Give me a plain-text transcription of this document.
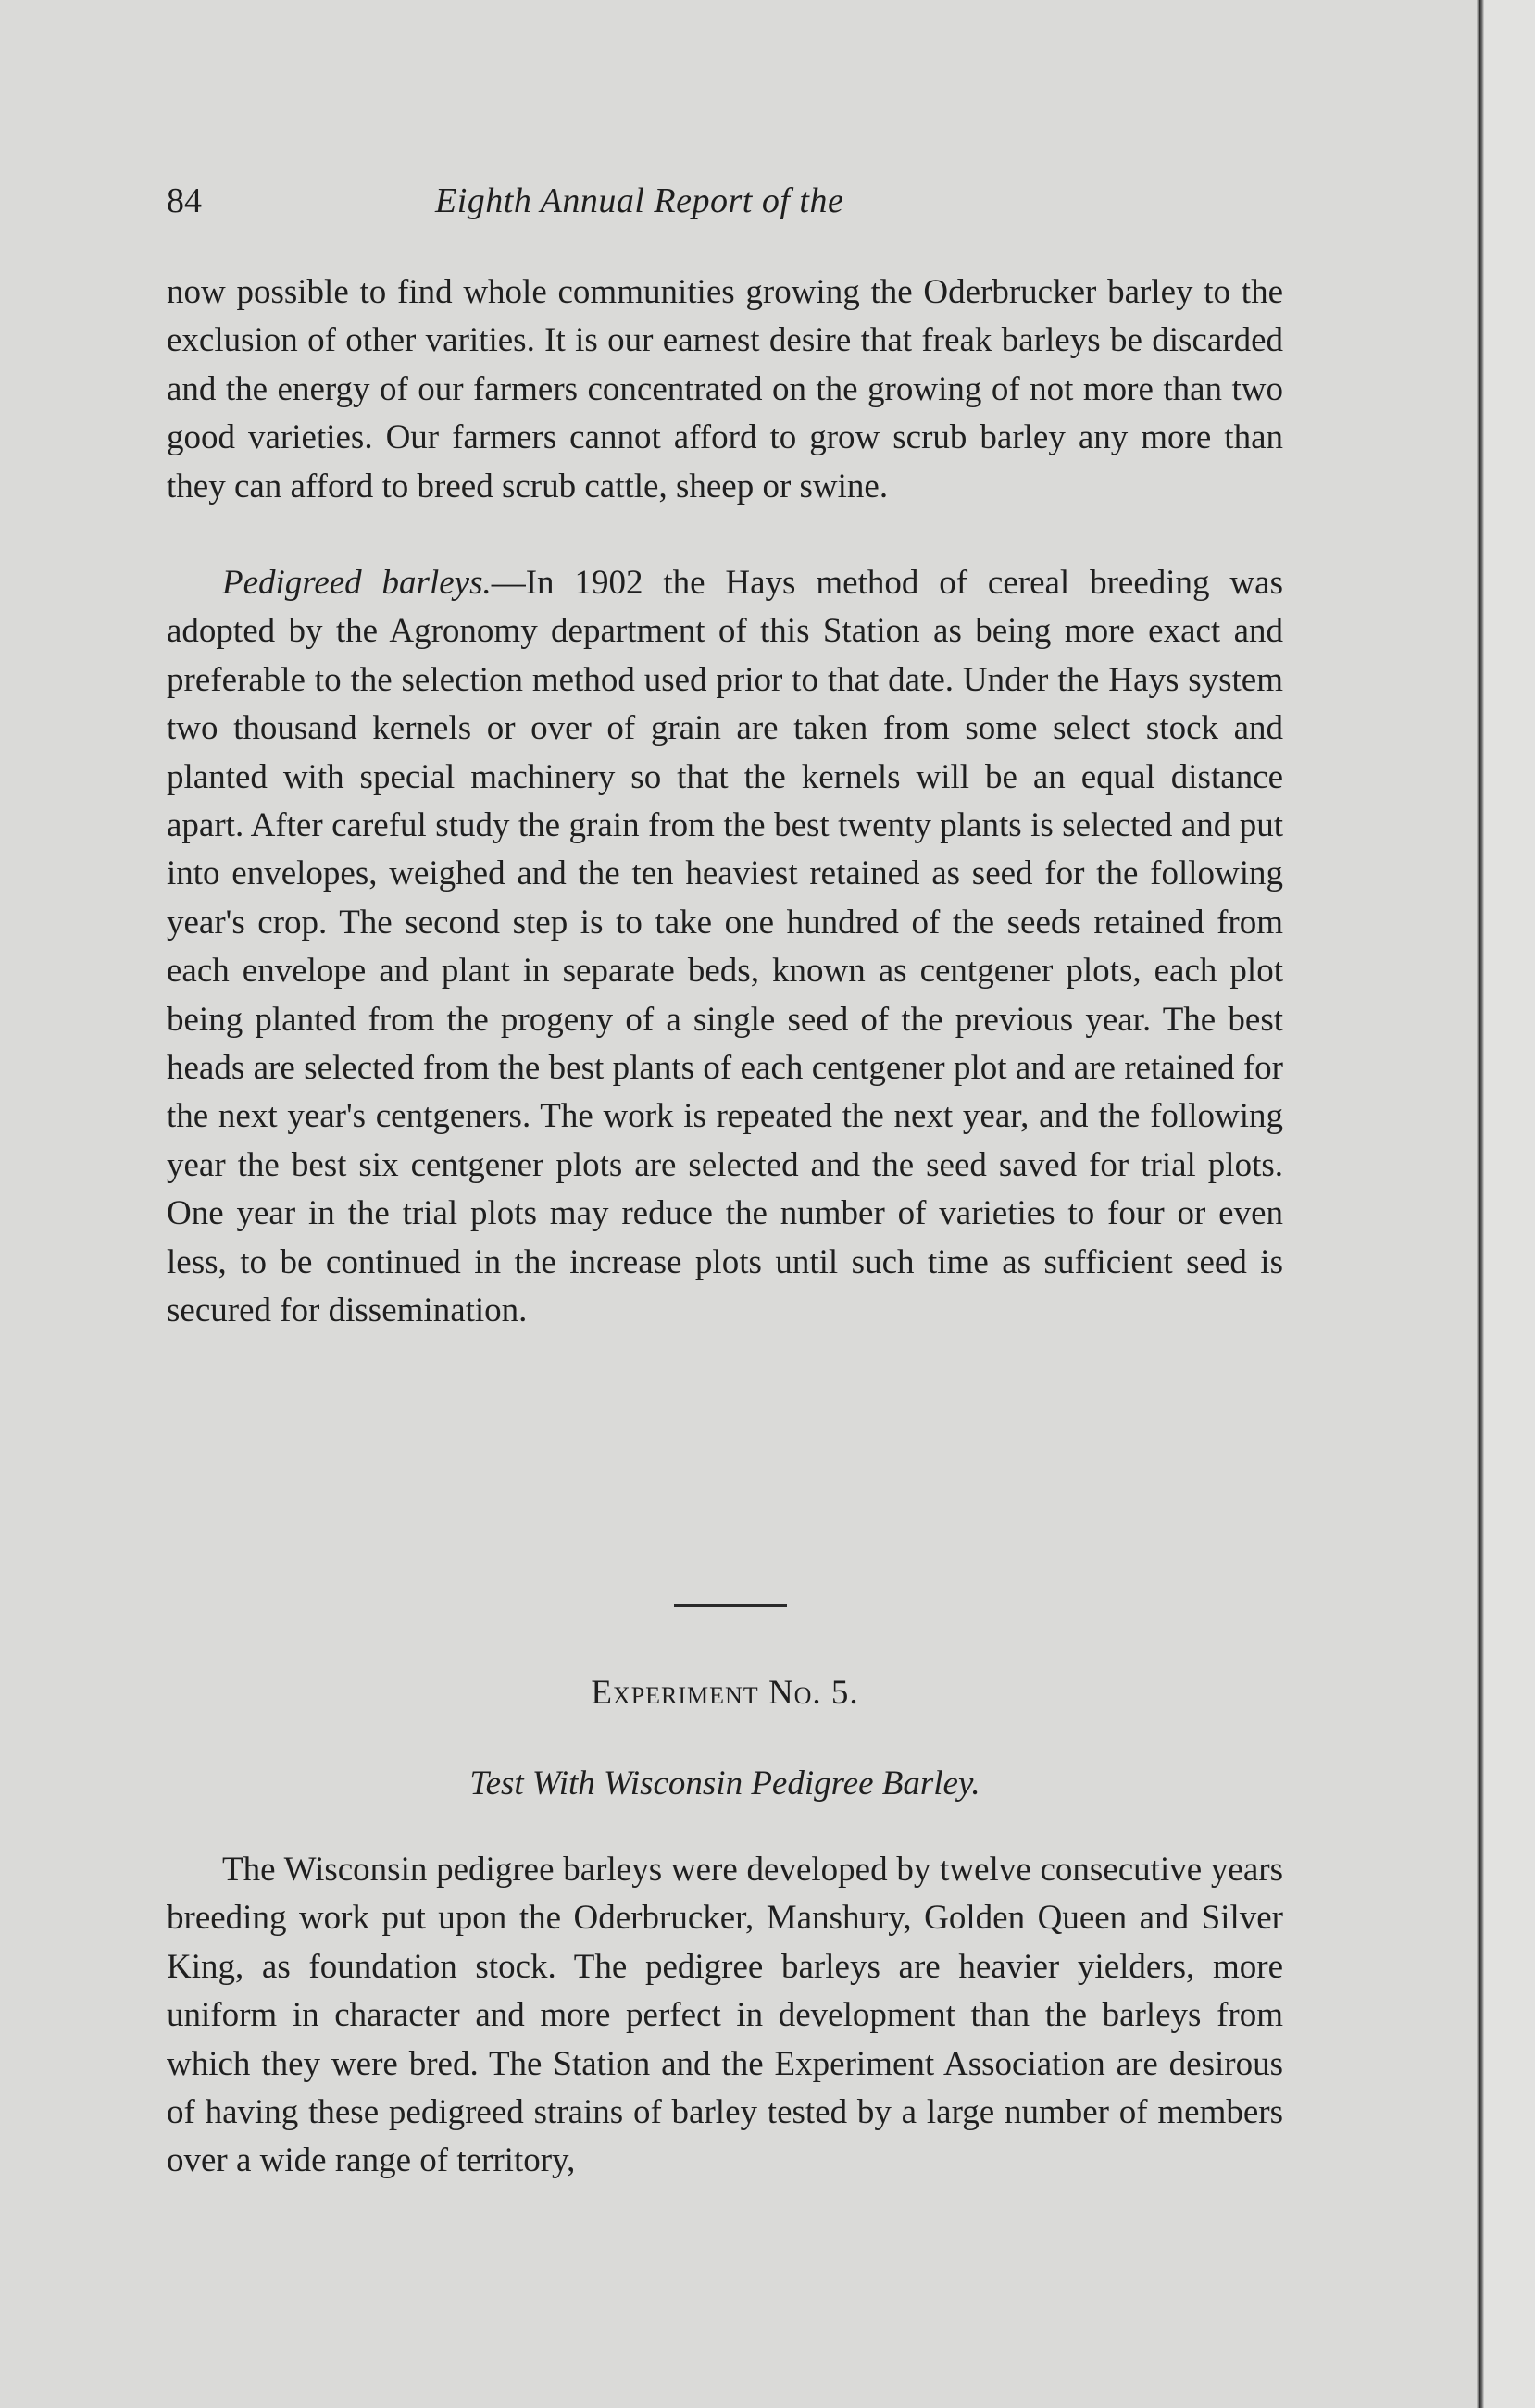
84	Eighth Annual Report of the

now possible to find whole communities growing the Oderbrucker barley to the exclusion of other varities. It is our earnest desire that freak barleys be discarded and the energy of our farmers concentrated on the growing of not more than two good varieties. Our farmers cannot afford to grow scrub barley any more than they can afford to breed scrub cattle, sheep or swine.

Pedigreed barleys.—In 1902 the Hays method of cereal breeding was adopted by the Agronomy department of this Station as being more exact and preferable to the selection method used prior to that date. Under the Hays system two thousand kernels or over of grain are taken from some select stock and planted with special machinery so that the kernels will be an equal distance apart. After careful study the grain from the best twenty plants is selected and put into envelopes, weighed and the ten heaviest retained as seed for the following year's crop. The second step is to take one hundred of the seeds retained from each envelope and plant in separate beds, known as centgener plots, each plot being planted from the progeny of a single seed of the previous year. The best heads are selected from the best plants of each centgener plot and are retained for the next year's centgeners. The work is repeated the next year, and the following year the best six centgener plots are selected and the seed saved for trial plots. One year in the trial plots may reduce the number of varieties to four or even less, to be continued in the increase plots until such time as sufficient seed is secured for dissemination.

Experiment No. 5.
Test With Wisconsin Pedigree Barley.

The Wisconsin pedigree barleys were developed by twelve consecutive years breeding work put upon the Oderbrucker, Manshury, Golden Queen and Silver King, as foundation stock. The pedigree barleys are heavier yielders, more uniform in character and more perfect in development than the barleys from which they were bred. The Station and the Experiment Association are desirous of having these pedigreed strains of barley tested by a large number of members over a wide range of territory,
